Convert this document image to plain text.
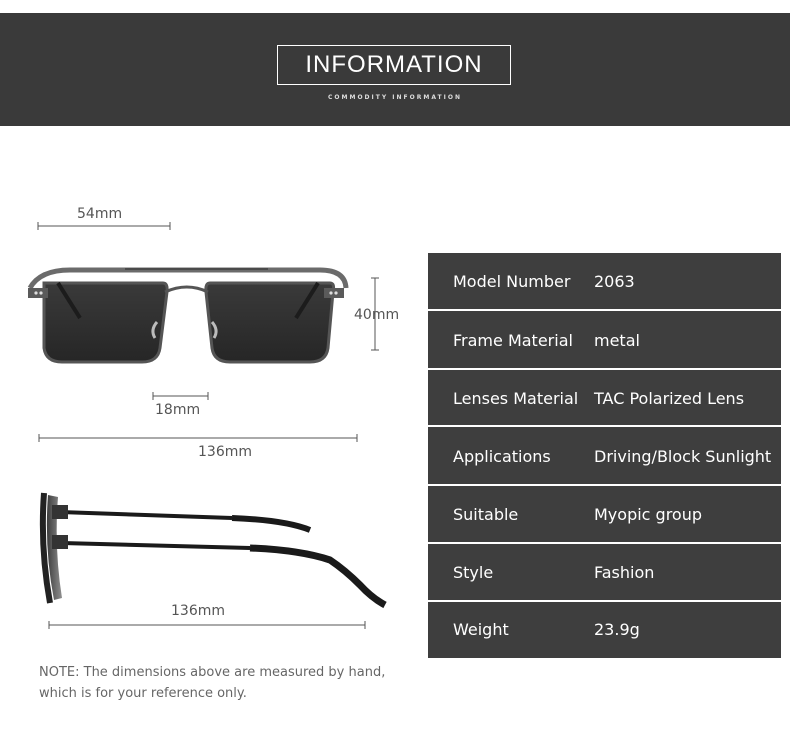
INFORMATION
COMMODITY INFORMATION
54mm
40mm
18mm
136mm
136mm
Model Number 2063
Frame Material metal
Lenses Material TAC Polarized Lens
Applications	Driving/Block Sunlight
Suitable	Myopic group
Style	Fashion
Weight	23.9g
NOTE: The dimensions above are measured by hand,
which is for your reference only.
